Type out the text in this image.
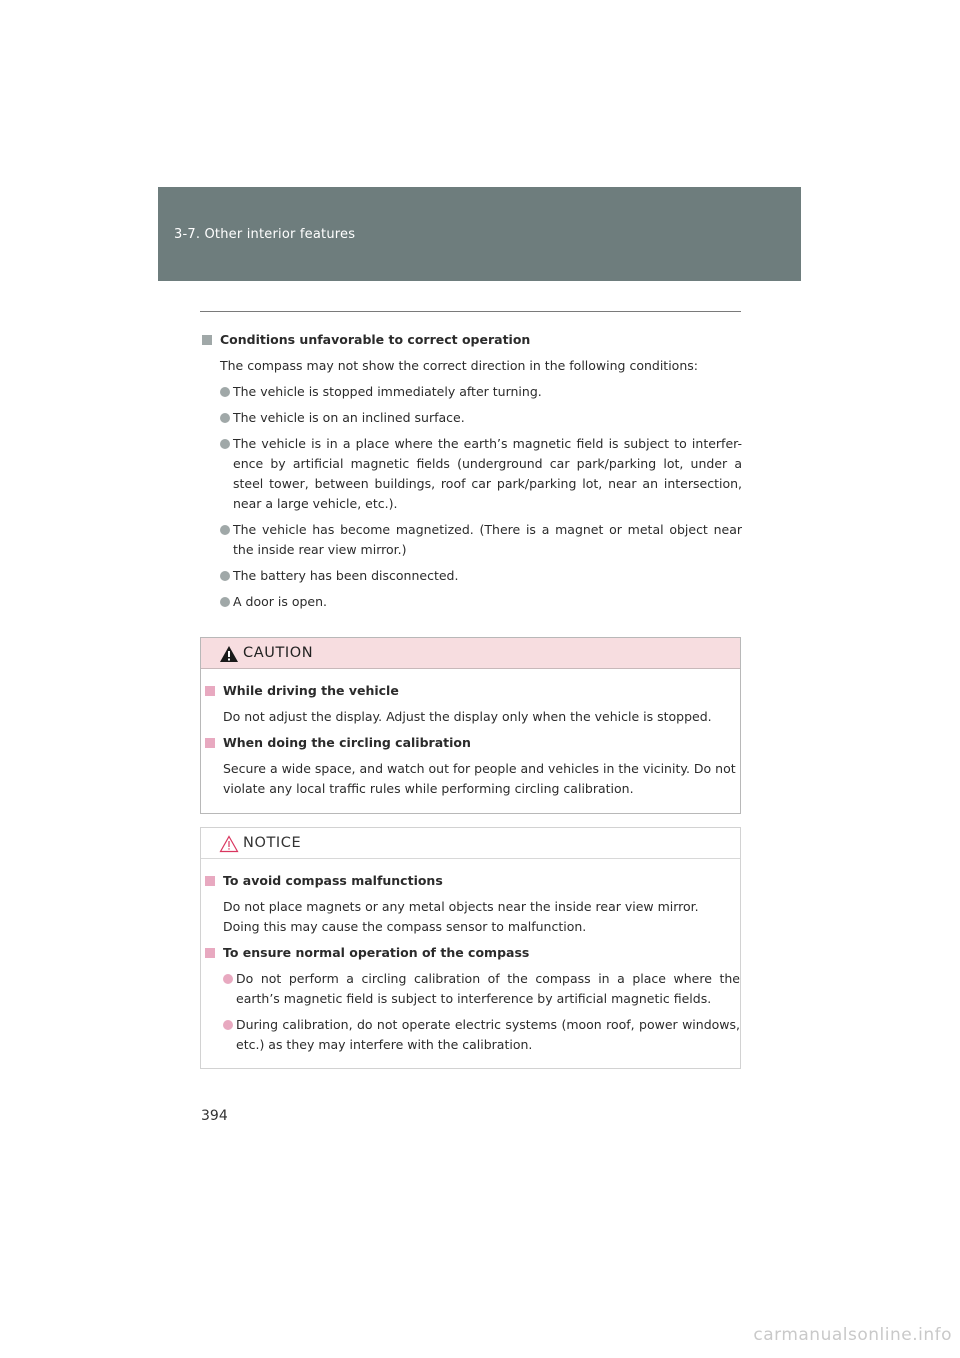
3-7. Other interior features
Conditions unfavorable to correct operation
The compass may not show the correct direction in the following conditions:
The vehicle is stopped immediately after turning.
The vehicle is on an inclined surface.
The vehicle is in a place where the earth’s magnetic field is subject to interfer-ence by artificial magnetic fields (underground car park/parking lot, under a steel tower, between buildings, roof car park/parking lot, near an intersection, near a large vehicle, etc.).
The vehicle has become magnetized. (There is a magnet or metal object near the inside rear view mirror.)
The battery has been disconnected.
A door is open.
CAUTION
While driving the vehicle
Do not adjust the display. Adjust the display only when the vehicle is stopped.
When doing the circling calibration
Secure a wide space, and watch out for people and vehicles in the vicinity. Do not violate any local traffic rules while performing circling calibration.
NOTICE
To avoid compass malfunctions
Do not place magnets or any metal objects near the inside rear view mirror.
Doing this may cause the compass sensor to malfunction.
To ensure normal operation of the compass
Do not perform a circling calibration of the compass in a place where the earth’s magnetic field is subject to interference by artificial magnetic fields.
During calibration, do not operate electric systems (moon roof, power windows, etc.) as they may interfere with the calibration.
394
carmanualsonline.info
